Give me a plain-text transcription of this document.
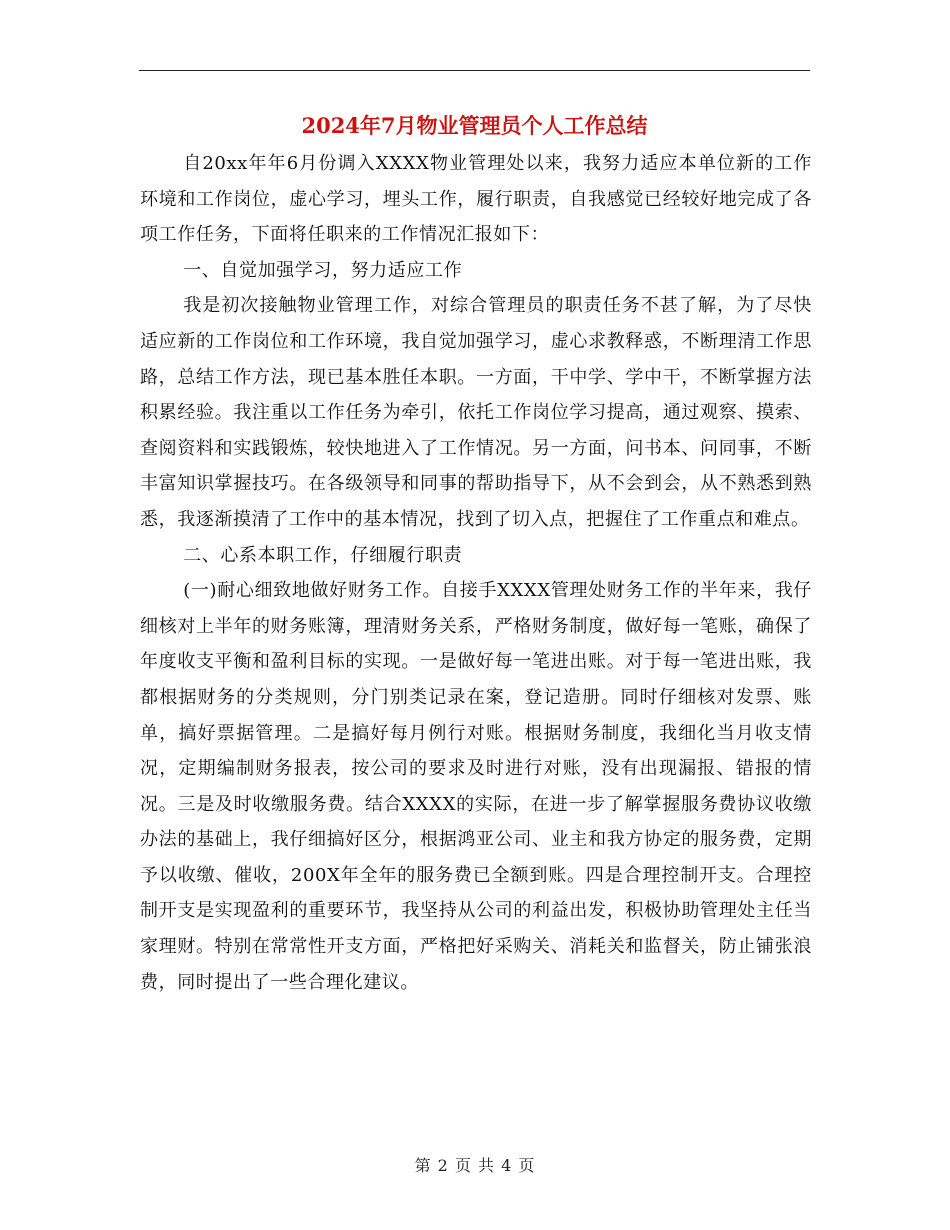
2024年7月物业管理员个人工作总结

自20xx年年6月份调入XXXX物业管理处以来，我努力适应本单位新的工作环境和工作岗位，虚心学习，埋头工作，履行职责，自我感觉已经较好地完成了各项工作任务，下面将任职来的工作情况汇报如下：

一、自觉加强学习，努力适应工作

我是初次接触物业管理工作，对综合管理员的职责任务不甚了解，为了尽快适应新的工作岗位和工作环境，我自觉加强学习，虚心求教释惑，不断理清工作思路，总结工作方法，现已基本胜任本职。一方面，干中学、学中干，不断掌握方法积累经验。我注重以工作任务为牵引，依托工作岗位学习提高，通过观察、摸索、查阅资料和实践锻炼，较快地进入了工作情况。另一方面，问书本、问同事，不断丰富知识掌握技巧。在各级领导和同事的帮助指导下，从不会到会，从不熟悉到熟悉，我逐渐摸清了工作中的基本情况，找到了切入点，把握住了工作重点和难点。

二、心系本职工作，仔细履行职责

(一)耐心细致地做好财务工作。自接手XXXX管理处财务工作的半年来，我仔细核对上半年的财务账簿，理清财务关系，严格财务制度，做好每一笔账，确保了年度收支平衡和盈利目标的实现。一是做好每一笔进出账。对于每一笔进出账，我都根据财务的分类规则，分门别类记录在案，登记造册。同时仔细核对发票、账单，搞好票据管理。二是搞好每月例行对账。根据财务制度，我细化当月收支情况，定期编制财务报表，按公司的要求及时进行对账，没有出现漏报、错报的情况。三是及时收缴服务费。结合XXXX的实际，在进一步了解掌握服务费协议收缴办法的基础上，我仔细搞好区分，根据鸿亚公司、业主和我方协定的服务费，定期予以收缴、催收，200X年全年的服务费已全额到账。四是合理控制开支。合理控制开支是实现盈利的重要环节，我坚持从公司的利益出发，积极协助管理处主任当家理财。特别在常常性开支方面，严格把好采购关、消耗关和监督关，防止铺张浪费，同时提出了一些合理化建议。

第 2 页 共 4 页
